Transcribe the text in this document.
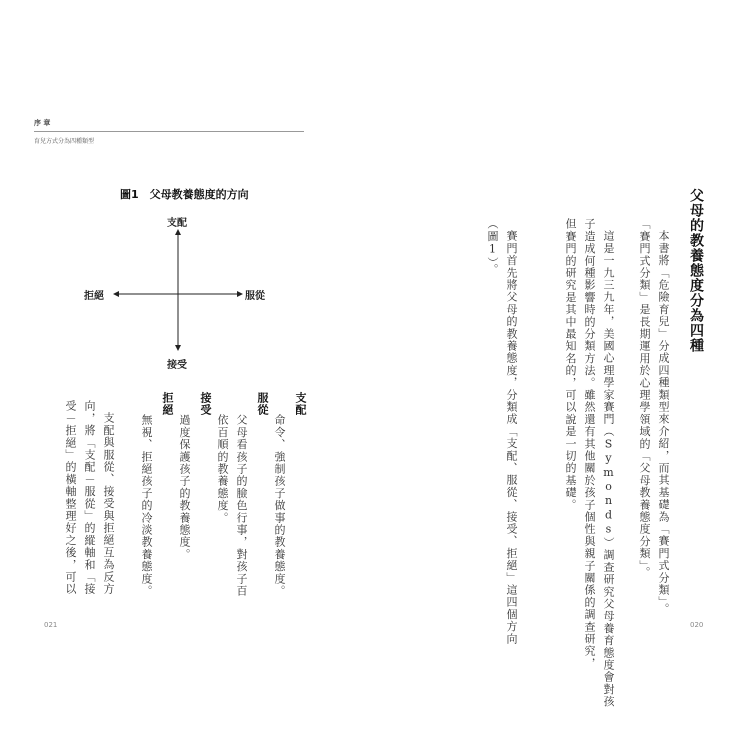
序 章
育兒方式分為四種類型
圖1　父母教養態度的方向
支配
拒絕	服從
接受
支配
命令、強制孩子做事的教養態度。
服從
父母看孩子的臉色行事，對孩子百
依百順的教養態度。
接受
過度保護孩子的教養態度。
拒絕
無視、拒絕孩子的冷淡教養態度。
支配與服從、接受與拒絕互為反方
向，將「支配－服從」的縱軸和「接
受－拒絕」的橫軸整理好之後，可以
021
父母的教養態度分為四種
本書將「危險育兒」分成四種類型來介紹，而其基礎為「賽門式分類」。
「賽門式分類」是長期運用於心理學領域的「父母教養態度分類」。
這是一九三九年，美國心理學家賽門（Symonds）調查研究父母養育態度會對孩
子造成何種影響時的分類方法。雖然還有其他關於孩子個性與親子關係的調查研究，
但賽門的研究是其中最知名的，可以說是一切的基礎。
賽門首先將父母的教養態度，分類成「支配、服從、接受、拒絕」這四個方向
（圖1）。
020
